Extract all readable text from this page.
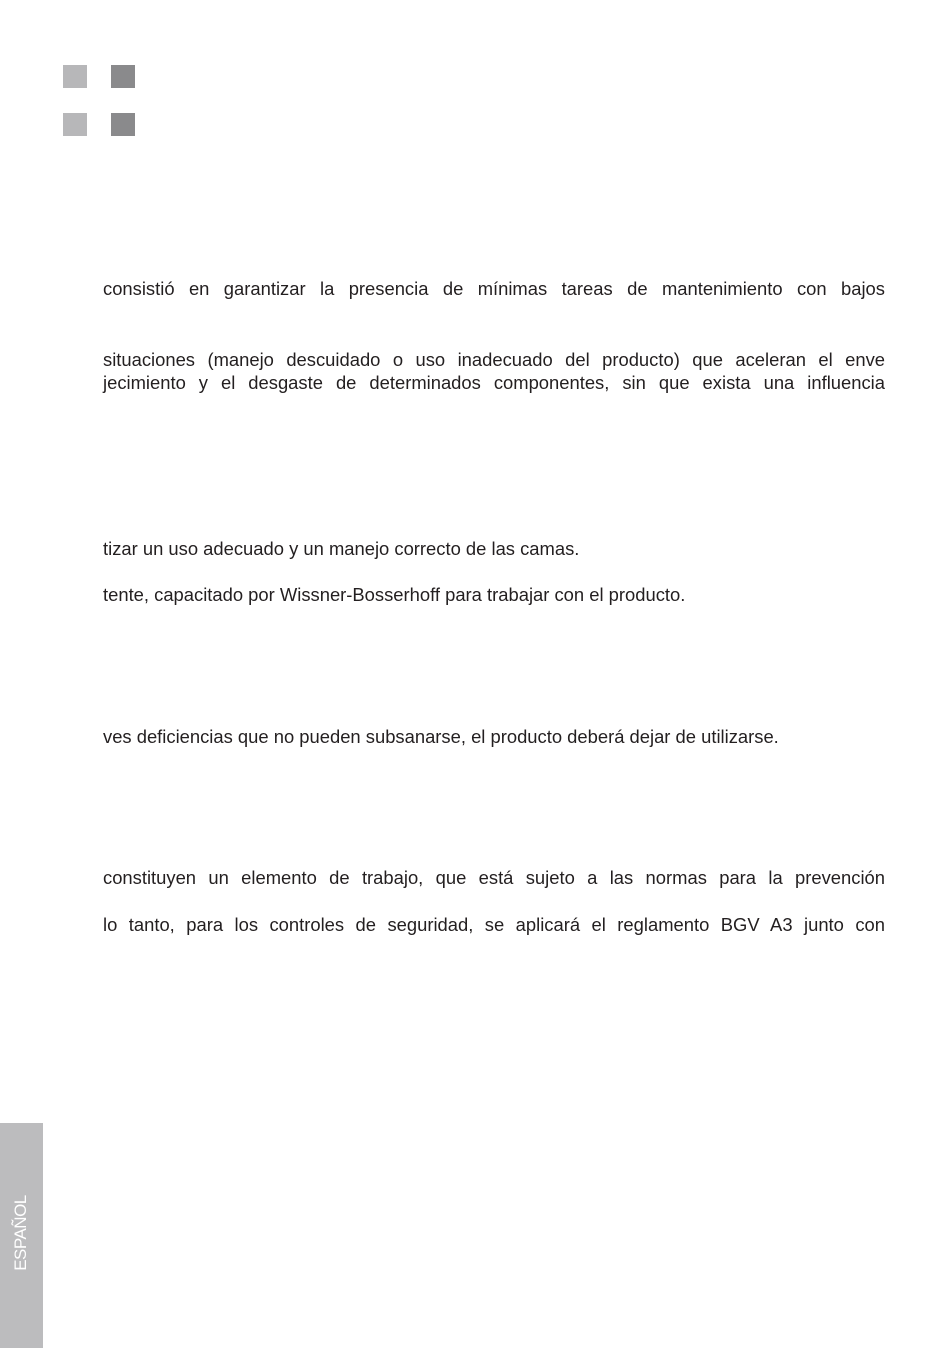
consistió en garantizar la presencia de mínimas tareas de mantenimiento con bajos

situaciones (manejo descuidado o uso inadecuado del producto) que aceleran el enve

jecimiento y el desgaste de determinados componentes, sin que exista una influencia

tizar un uso adecuado y un manejo correcto de las camas.

tente, capacitado por Wissner-Bosserhoff para trabajar con el producto.

ves deficiencias que no pueden subsanarse, el producto deberá dejar de utilizarse.

constituyen un elemento de trabajo, que está sujeto a las normas para la prevención

lo tanto, para los controles de seguridad, se aplicará el reglamento BGV A3 junto con

ESPAÑOL
